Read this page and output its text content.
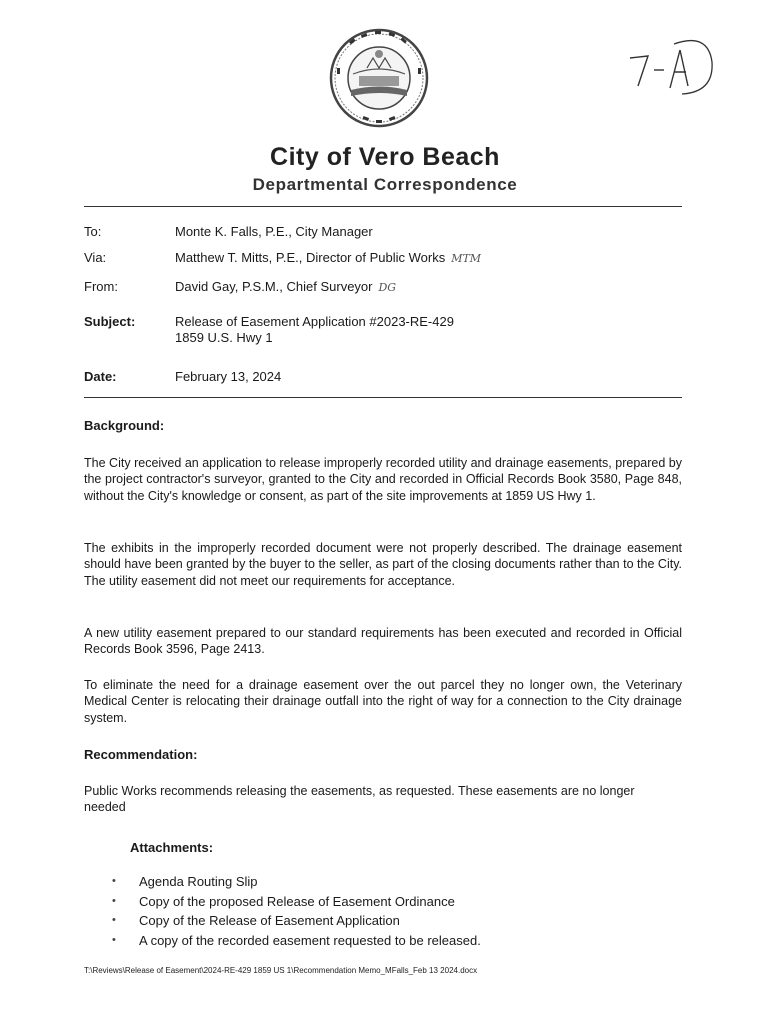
City of Vero Beach
Departmental Correspondence
To:	Monte K. Falls, P.E., City Manager
Via:	Matthew T. Mitts, P.E., Director of Public Works MTM
From:	David Gay, P.S.M., Chief Surveyor DG
Subject:	Release of Easement Application #2023-RE-429
1859 U.S. Hwy 1
Date:	February 13, 2024
Background:

The City received an application to release improperly recorded utility and drainage easements, prepared by the project contractor's surveyor, granted to the City and recorded in Official Records Book 3580, Page 848, without the City's knowledge or consent, as part of the site improvements at 1859 US Hwy 1.

The exhibits in the improperly recorded document were not properly described. The drainage easement should have been granted by the buyer to the seller, as part of the closing documents rather than to the City. The utility easement did not meet our requirements for acceptance.

A new utility easement prepared to our standard requirements has been executed and recorded in Official Records Book 3596, Page 2413.

To eliminate the need for a drainage easement over the out parcel they no longer own, the Veterinary Medical Center is relocating their drainage outfall into the right of way for a connection to the City drainage system.

Recommendation:

Public Works recommends releasing the easements, as requested. These easements are no longer needed

Attachments:
• Agenda Routing Slip
• Copy of the proposed Release of Easement Ordinance
• Copy of the Release of Easement Application
• A copy of the recorded easement requested to be released.
T:\Reviews\Release of Easement\2024-RE-429 1859 US 1\Recommendation Memo_MFalls_Feb 13 2024.docx
